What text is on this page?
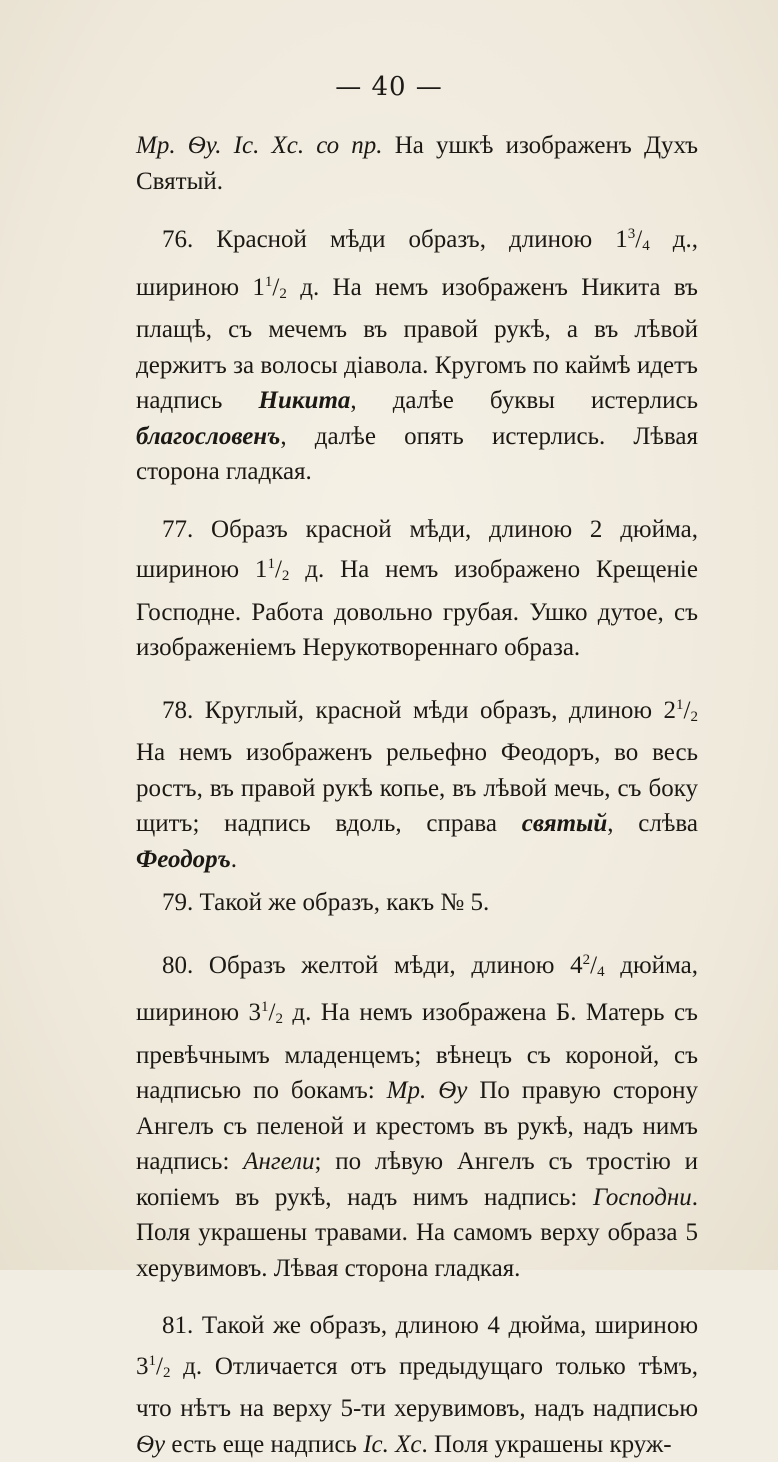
— 40 —

Мр. Ѳу. Іс. Хс. со пр. На ушкѣ изображенъ Духъ Святый.

76. Красной мѣди образъ, длиною $1^3/_4$ д., шириною $1^1/_2$ д. На немъ изображенъ Никита въ плащѣ, съ мечемъ въ правой рукѣ, а въ лѣвой держитъ за волосы діавола. Кругомъ по каймѣ идетъ надпись Никита, далѣе буквы истерлись благословенъ, далѣе опять истерлись. Лѣвая сторона гладкая.

77. Образъ красной мѣди, длиною 2 дюйма, шириною $1^1/_2$ д. На немъ изображено Крещеніе Господне. Работа довольно грубая. Ушко дутое, съ изображеніемъ Нерукотвореннаго образа.

78. Круглый, красной мѣди образъ, длиною $2^1/_2$ На немъ изображенъ рельефно Феодоръ, во весь ростъ, въ правой рукѣ копье, въ лѣвой мечь, съ боку щитъ; надпись вдоль, справа святый, слѣва Феодоръ.

79. Такой же образъ, какъ № 5.

80. Образъ желтой мѣди, длиною $4^2/_4$ дюйма, шириною $3^1/_2$ д. На немъ изображена Б. Матерь съ превѣчнымъ младенцемъ; вѣнецъ съ короной, съ надписью по бокамъ: Мр. Ѳу По правую сторону Ангелъ съ пеленой и крестомъ въ рукѣ, надъ нимъ надпись: Ангели; по лѣвую Ангелъ съ тростію и копіемъ въ рукѣ, надъ нимъ надпись: Господни. Поля украшены травами. На самомъ верху образа 5 херувимовъ. Лѣвая сторона гладкая.

81. Такой же образъ, длиною 4 дюйма, шириною $3^1/_2$ д. Отличается отъ предыдущаго только тѣмъ, что нѣтъ на верху 5-ти херувимовъ, надъ надписью Ѳу есть еще надпись Іс. Хс. Поля украшены круж-
